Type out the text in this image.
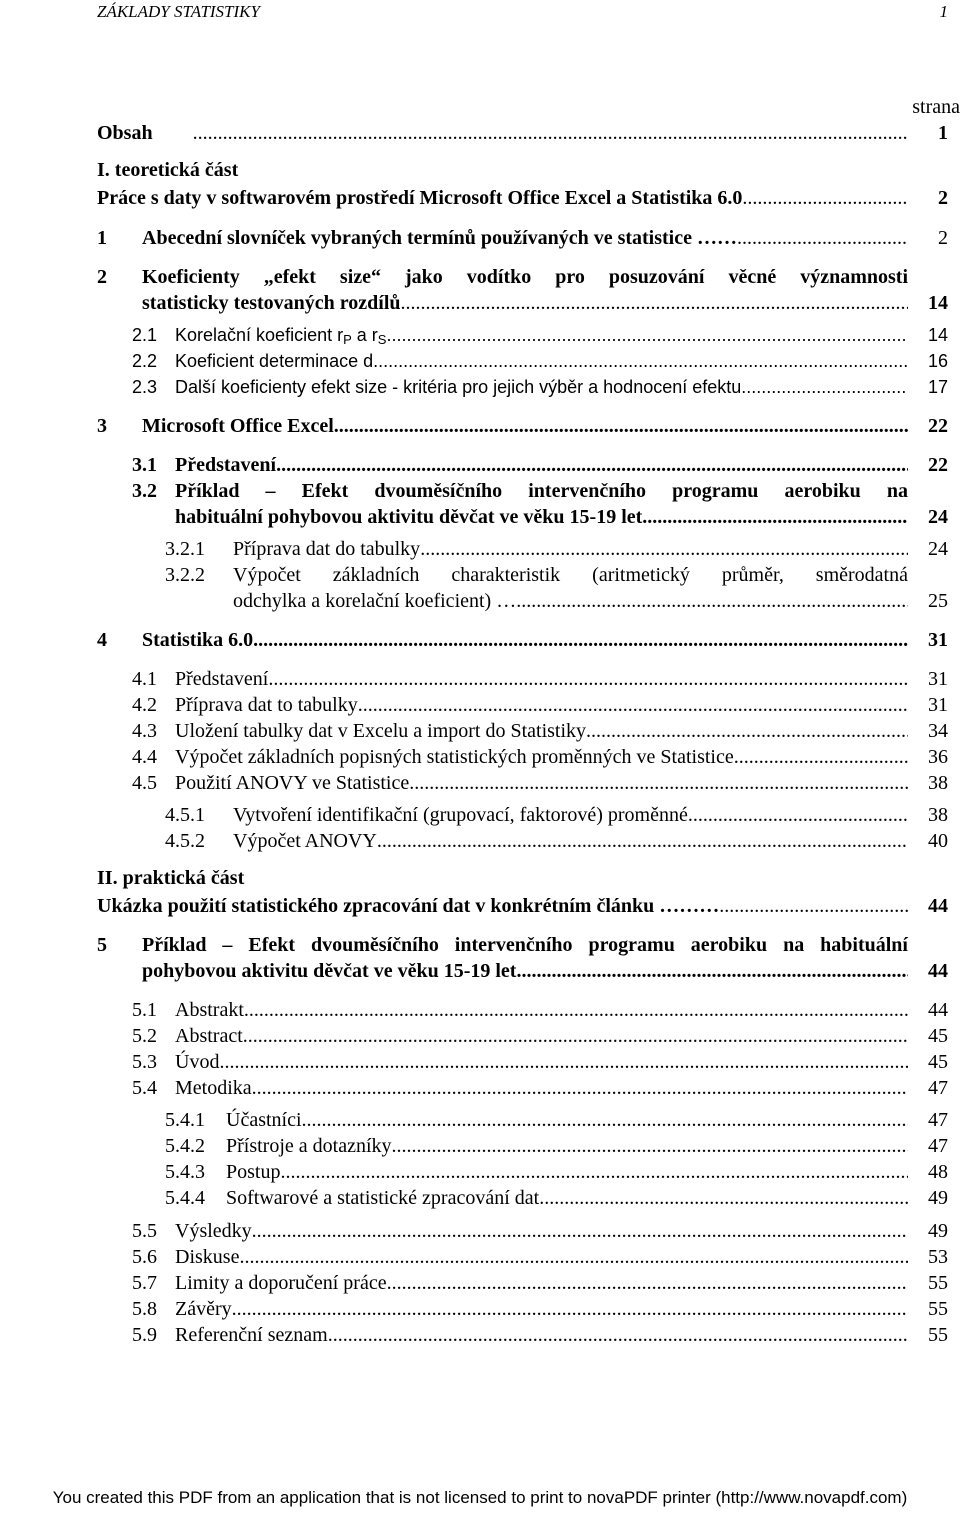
ZÁKLADY STATISTIKY	1
strana
Obsah .....	1
I. teoretická část
Práce s daty v softwarovém prostředí Microsoft Office Excel a Statistika 6.0 .....	2
1 Abecední slovníček vybraných termínů používaných ve statistice …… .....	2
2 Koeficienty „efekt size“ jako vodítko pro posuzování věcné významnosti
statisticky testovaných rozdílů .....	14
2.1 Korelační koeficient $r_P$ a $r_S$ .....	14
2.2 Koeficient determinace d .....	16
2.3 Další koeficienty efekt size - kritéria pro jejich výběr a hodnocení efektu .....	17
3 Microsoft Office Excel .....	22
3.1 Představení .....	22
3.2 Příklad – Efekt dvouměsíčního intervenčního programu aerobiku na
habituální pohybovou aktivitu děvčat ve věku 15-19 let .....	24
3.2.1 Příprava dat do tabulky .....	24
3.2.2 Výpočet základních charakteristik (aritmetický průměr, směrodatná
odchylka a korelační koeficient) … .....	25
4 Statistika 6.0 .....	31
4.1 Představení .....	31
4.2 Příprava dat to tabulky .....	31
4.3 Uložení tabulky dat v Excelu a import do Statistiky .....	34
4.4 Výpočet základních popisných statistických proměnných ve Statistice .....	36
4.5 Použití ANOVY ve Statistice .....	38
4.5.1 Vytvoření identifikační (grupovací, faktorové) proměnné .....	38
4.5.2 Výpočet ANOVY .....	40
II. praktická část
Ukázka použití statistického zpracování dat v konkrétním článku ……… .....	44
5 Příklad – Efekt dvouměsíčního intervenčního programu aerobiku na habituální
pohybovou aktivitu děvčat ve věku 15-19 let .....	44
5.1 Abstrakt .....	44
5.2 Abstract .....	45
5.3 Úvod .....	45
5.4 Metodika .....	47
5.4.1 Účastníci .....	47
5.4.2 Přístroje a dotazníky .....	47
5.4.3 Postup .....	48
5.4.4 Softwarové a statistické zpracování dat .....	49
5.5 Výsledky .....	49
5.6 Diskuse .....	53
5.7 Limity a doporučení práce .....	55
5.8 Závěry .....	55
5.9 Referenční seznam .....	55
You created this PDF from an application that is not licensed to print to novaPDF printer (http://www.novapdf.com)
